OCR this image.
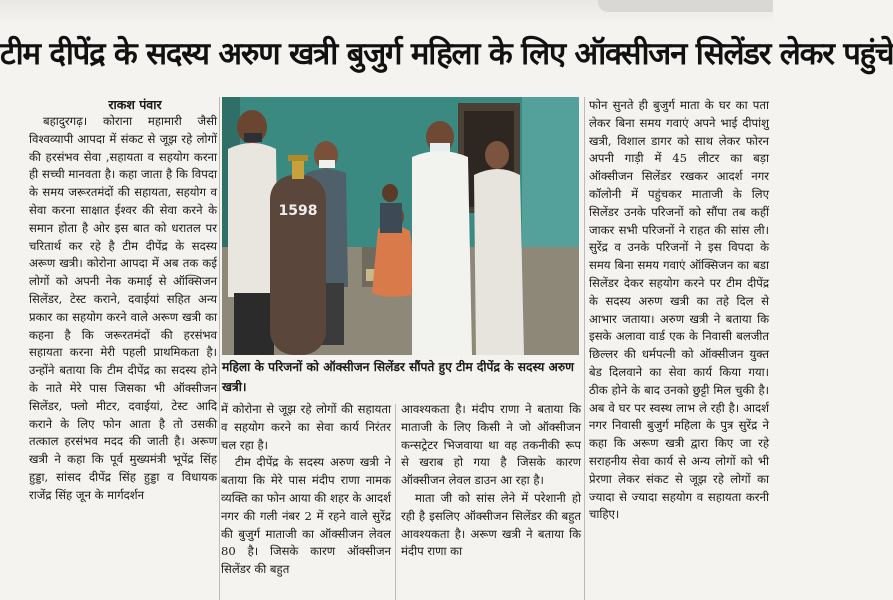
टीम दीपेंद्र के सदस्य अरुण खत्री बुजुर्ग महिला के लिए ऑक्सीजन सिलेंडर लेकर पहुंचे
राकश पंवार

बहादुरगढ़। कोराना महामारी जैसी विश्वव्यापी आपदा में संकट से जूझ रहे लोगों की हरसंभव सेवा ,सहायता व सहयोग करना ही सच्ची मानवता है। कहा जाता है कि विपदा के समय जरूरतमंदों की सहायता, सहयोग व सेवा करना साक्षात ईश्वर की सेवा करने के समान होता है ओर इस बात को धरातल पर चरितार्थ कर रहे है टीम दीपेंद्र के सदस्य अरूण खत्री। कोरोना आपदा में अब तक कई लोगों को अपनी नेक कमाई से ऑक्सिजन सिलेंडर, टेस्ट कराने, दवाईयां सहित अन्य प्रकार का सहयोग करने वाले अरूण खत्री का कहना है कि जरूरतमंदों की हरसंभव सहायता करना मेरी पहली प्राथमिकता है। उन्होंने बताया कि टीम दीपेंद्र का सदस्य होने के नाते मेरे पास जिसका भी ऑक्सीजन सिलेंडर, फ्लो मीटर, दवाईयां, टेस्ट आदि कराने के लिए फोन आता है तो उसकी तत्काल हरसंभव मदद की जाती है। अरूण खत्री ने कहा कि पूर्व मुख्यमंत्री भूपेंद्र सिंह हुड्डा, सांसद दीपेंद्र सिंह हुड्डा व विधायक राजेंद्र सिंह जून के मार्गदर्शन

1598
महिला के परिजनों को ऑक्सीजन सिलेंडर सौंपते हुए टीम दीपेंद्र के सदस्य अरुण खत्री।

में कोरोना से जूझ रहे लोगों की सहायता व सहयोग करने का सेवा कार्य निरंतर चल रहा है।

टीम दीपेंद्र के सदस्य अरुण खत्री ने बताया कि मेरे पास मंदीप राणा नामक व्यक्ति का फोन आया की शहर के आदर्श नगर की गली नंबर 2 में रहने वाले सुरेंद्र की बुजुर्ग माताजी का ऑक्सीजन लेवल 80 है। जिसके कारण ऑक्सीजन सिलेंडर की बहुत

आवश्यकता है। मंदीप राणा ने बताया कि माताजी के लिए किसी ने जो ऑक्सीजन कन्सट्रेटर भिजवाया था वह तकनीकी रूप से खराब हो गया है जिसके कारण ऑक्सीजन लेवल डाउन आ रहा है।

माता जी को सांस लेने में परेशानी हो रही है इसलिए ऑक्सीजन सिलेंडर की बहुत आवश्यकता है। अरूण खत्री ने बताया कि मंदीप राणा का

फोन सुनते ही बुजुर्ग माता के घर का पता लेकर बिना समय गवाएं अपने भाई दीपांशु खत्री, विशाल डागर को साथ लेकर फोरन अपनी गाड़ी में 45 लीटर का बड़ा ऑक्सीजन सिलेंडर रखकर आदर्श नगर कॉलोनी में पहुंचकर माताजी के लिए सिलेंडर उनके परिजनों को सौंपा तब कहीं जाकर सभी परिजनों ने राहत की सांस ली। सुरेंद्र व उनके परिजनों ने इस विपदा के समय बिना समय गवाएं ऑक्सिजन का बडा सिलेंडर देकर सहयोग करने पर टीम दीपेंद्र के सदस्य अरुण खत्री का तहे दिल से आभार जताया। अरुण खत्री ने बताया कि इसके अलावा वार्ड एक के निवासी बलजीत छिल्लर की धर्मपत्नी को ऑक्सीजन युक्त बेड दिलवाने का सेवा कार्य किया गया। ठीक होने के बाद उनको छुट्टी मिल चुकी है। अब वे घर पर स्वस्थ लाभ ले रही है। आदर्श नगर निवासी बुजुर्ग महिला के पुत्र सुरेंद्र ने कहा कि अरूण खत्री द्वारा किए जा रहे सराहनीय सेवा कार्य से अन्य लोगों को भी प्रेरणा लेकर संकट से जूझ रहे लोगों का ज्यादा से ज्यादा सहयोग व सहायता करनी चाहिए।
